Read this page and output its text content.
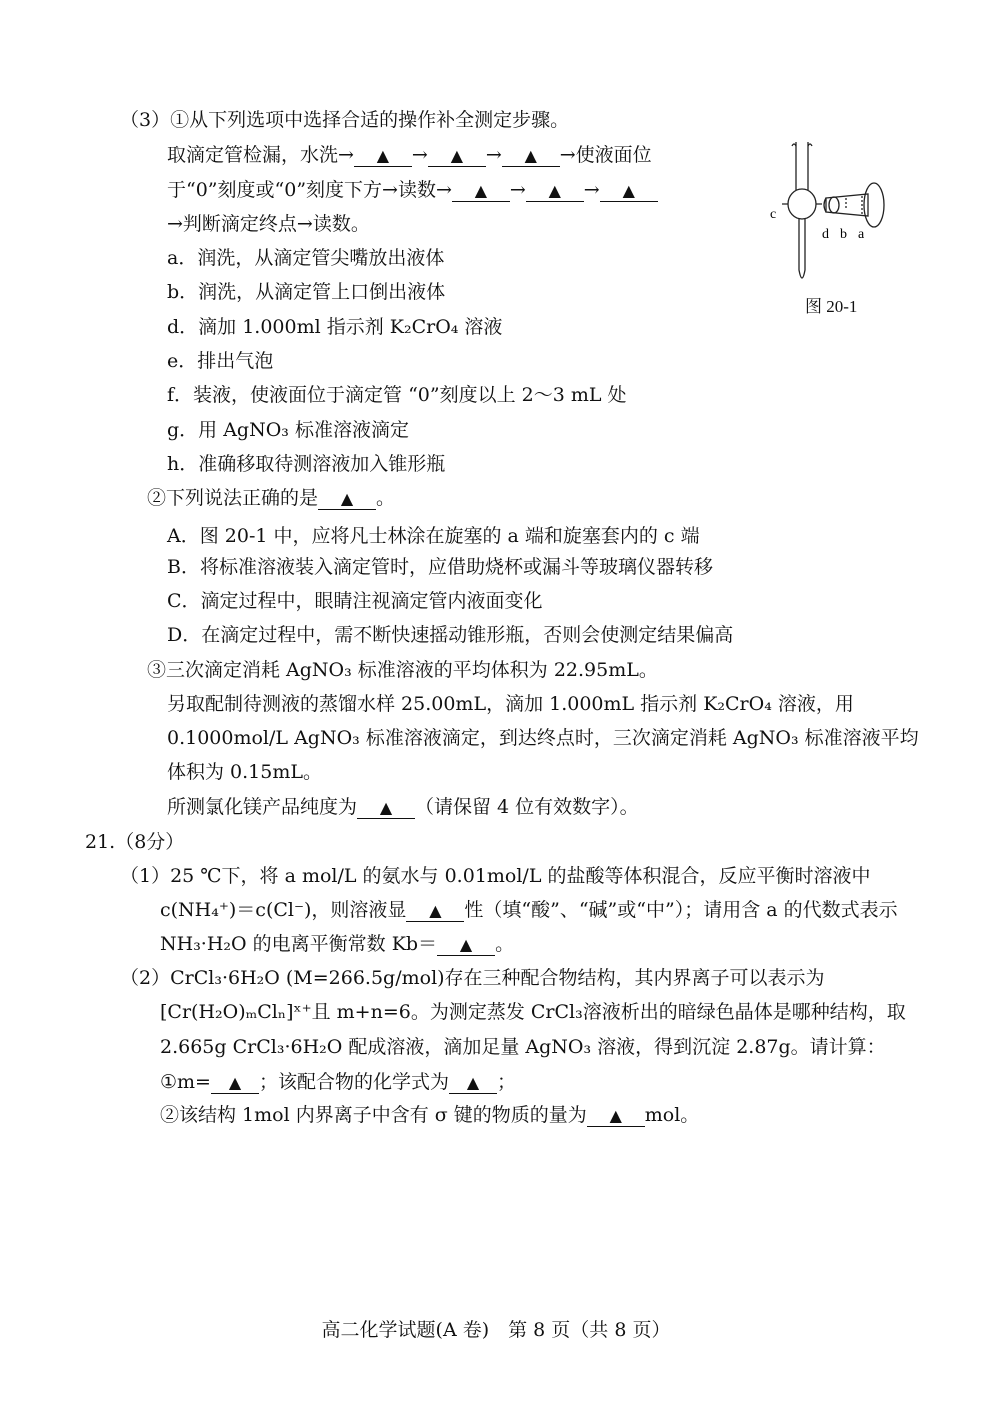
（3）①从下列选项中选择合适的操作补全测定步骤。
取滴定管检漏，水洗→ ▲ → ▲ → ▲ →使液面位
于“0”刻度或“0”刻度下方→读数→ ▲ → ▲ → ▲
→判断滴定终点→读数。
a．润洗，从滴定管尖嘴放出液体
b．润洗，从滴定管上口倒出液体
d．滴加 1.000ml 指示剂 K₂CrO₄ 溶液
e．排出气泡
f．装液，使液面位于滴定管 “0”刻度以上 2～3 mL 处
g．用 AgNO₃ 标准溶液滴定
h．准确移取待测溶液加入锥形瓶
②下列说法正确的是 ▲ 。
A．图 20-1 中，应将凡士林涂在旋塞的 a 端和旋塞套内的 c 端
B．将标准溶液装入滴定管时，应借助烧杯或漏斗等玻璃仪器转移
C．滴定过程中，眼睛注视滴定管内液面变化
D．在滴定过程中，需不断快速摇动锥形瓶，否则会使测定结果偏高
③三次滴定消耗 AgNO₃ 标准溶液的平均体积为 22.95mL。
另取配制待测液的蒸馏水样 25.00mL，滴加 1.000mL 指示剂 K₂CrO₄ 溶液，用
0.1000mol/L AgNO₃ 标准溶液滴定，到达终点时，三次滴定消耗 AgNO₃ 标准溶液平均
体积为 0.15mL。
所测氯化镁产品纯度为 ▲ （请保留 4 位有效数字）。
c
d b a
图 20-1
21.（8分）
（1）25 ℃下，将 a mol/L 的氨水与 0.01mol/L 的盐酸等体积混合，反应平衡时溶液中
c(NH₄⁺)＝c(Cl⁻)，则溶液显 ▲ 性（填“酸”、“碱”或“中”）；请用含 a 的代数式表示
NH₃·H₂O 的电离平衡常数 Kb＝ ▲ 。
（2）CrCl₃·6H₂O (M=266.5g/mol)存在三种配合物结构，其内界离子可以表示为
[Cr(H₂O)ₘClₙ]ˣ⁺且 m+n=6。为测定蒸发 CrCl₃溶液析出的暗绿色晶体是哪种结构，取
2.665g CrCl₃·6H₂O 配成溶液，滴加足量 AgNO₃ 溶液，得到沉淀 2.87g。请计算：
①m= ▲ ；该配合物的化学式为 ▲ ；
②该结构 1mol 内界离子中含有 σ 键的物质的量为 ▲ mol。
高二化学试题(A 卷)　第 8 页（共 8 页）
